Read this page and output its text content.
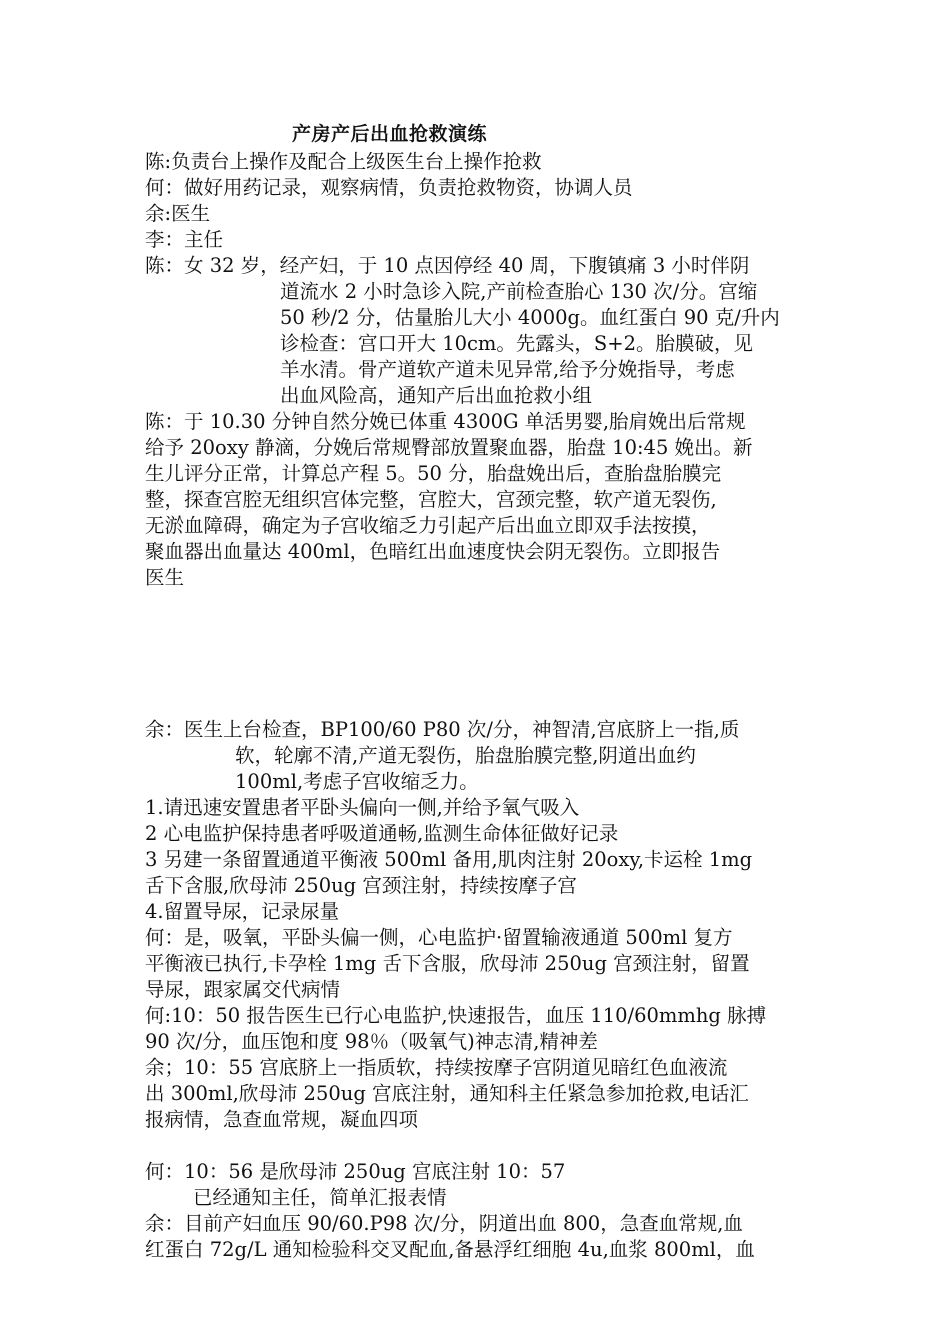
产房产后出血抢救演练

陈:负责台上操作及配合上级医生台上操作抢救

何：做好用药记录，观察病情，负责抢救物资，协调人员

余:医生

李：主任

陈：女 32 岁，经产妇，于 10 点因停经 40 周，下腹镇痛 3 小时伴阴

道流水 2 小时急诊入院,产前检查胎心 130 次/分。宫缩

50 秒/2 分，估量胎儿大小 4000g。血红蛋白 90 克/升内

诊检查：宫口开大 10cm。先露头，S+2。胎膜破，见

羊水清。骨产道软产道未见异常,给予分娩指导，考虑

出血风险高，通知产后出血抢救小组

陈：于 10.30 分钟自然分娩已体重 4300G 单活男婴,胎肩娩出后常规

给予 20oxy 静滴，分娩后常规臀部放置聚血器，胎盘 10:45 娩出。新

生儿评分正常，计算总产程 5。50 分，胎盘娩出后，查胎盘胎膜完

整，探查宫腔无组织宫体完整，宫腔大，宫颈完整，软产道无裂伤,

无淤血障碍，确定为子宫收缩乏力引起产后出血立即双手法按摸，

聚血器出血量达 400ml，色暗红出血速度快会阴无裂伤。立即报告

医生

余：医生上台检查，BP100/60 P80 次/分，神智清,宫底脐上一指,质

软，轮廓不清,产道无裂伤，胎盘胎膜完整,阴道出血约

100ml,考虑子宫收缩乏力。

1.请迅速安置患者平卧头偏向一侧,并给予氧气吸入

2 心电监护保持患者呼吸道通畅,监测生命体征做好记录

3 另建一条留置通道平衡液 500ml 备用,肌肉注射 20oxy,卡运栓 1mg

舌下含服,欣母沛 250ug 宫颈注射，持续按摩子宫

4.留置导尿，记录尿量

何：是，吸氧，平卧头偏一侧，心电监护·留置输液通道 500ml 复方

平衡液已执行,卡孕栓 1mg 舌下含服，欣母沛 250ug 宫颈注射，留置

导尿，跟家属交代病情

何:10：50 报告医生已行心电监护,快速报告，血压 110/60mmhg 脉搏

90 次/分，血压饱和度 98％（吸氧气)神志清,精神差

余；10：55 宫底脐上一指质软，持续按摩子宫阴道见暗红色血液流

出 300ml,欣母沛 250ug 宫底注射，通知科主任紧急参加抢救,电话汇

报病情，急查血常规，凝血四项

何：10：56 是欣母沛 250ug 宫底注射 10：57

已经通知主任，简单汇报表情

余：目前产妇血压 90/60.P98 次/分，阴道出血 800，急查血常规,血

红蛋白 72g/L 通知检验科交叉配血,备悬浮红细胞 4u,血浆 800ml，血
